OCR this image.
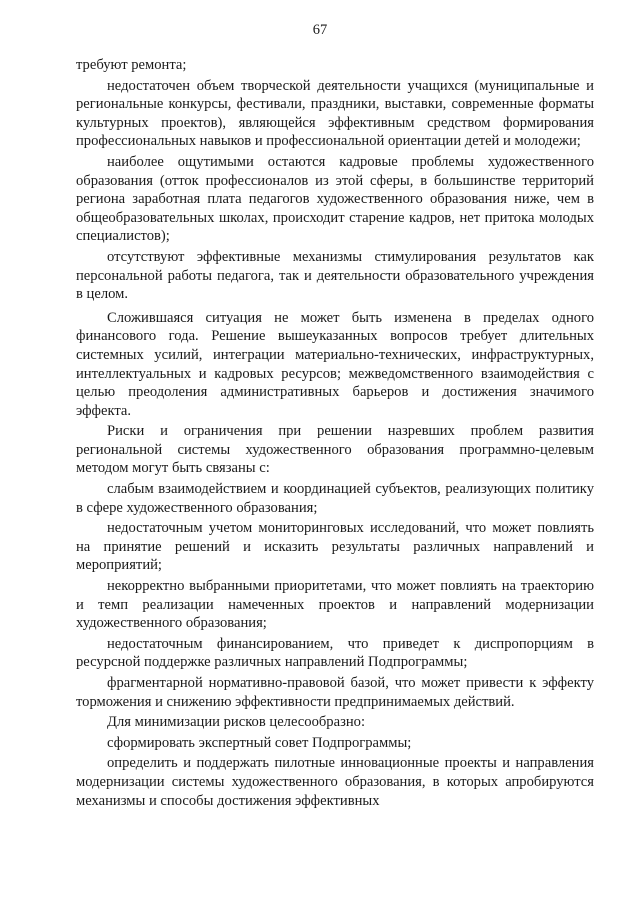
67

требуют ремонта;

недостаточен объем творческой деятельности учащихся (муниципальные и региональные конкурсы, фестивали, праздники, выставки, современные форматы культурных проектов), являющейся эффективным средством формирования профессиональных навыков и профессиональной ориентации детей и молодежи;

наиболее ощутимыми остаются кадровые проблемы художественного образования (отток профессионалов из этой сферы, в большинстве территорий региона заработная плата педагогов художественного образования ниже, чем в общеобразовательных школах, происходит старение кадров, нет притока молодых специалистов);

отсутствуют эффективные механизмы стимулирования результатов как персональной работы педагога, так и деятельности образовательного учреждения в целом.

Сложившаяся ситуация не может быть изменена в пределах одного финансового года. Решение вышеуказанных вопросов требует длительных системных усилий, интеграции материально-технических, инфраструктурных, интеллектуальных и кадровых ресурсов; межведомственного взаимодействия с целью преодоления административных барьеров и достижения значимого эффекта.

Риски и ограничения при решении назревших проблем развития региональной системы художественного образования программно-целевым методом могут быть связаны с:

слабым взаимодействием и координацией субъектов, реализующих политику в сфере художественного образования;

недостаточным учетом мониторинговых исследований, что может повлиять на принятие решений и исказить результаты различных направлений и мероприятий;

некорректно выбранными приоритетами, что может повлиять на траекторию и темп реализации намеченных проектов и направлений модернизации художественного образования;

недостаточным финансированием, что приведет к диспропорциям в ресурсной поддержке различных направлений Подпрограммы;

фрагментарной нормативно-правовой базой, что может привести к эффекту торможения и снижению эффективности предпринимаемых действий.

Для минимизации рисков целесообразно:

сформировать экспертный совет Подпрограммы;

определить и поддержать пилотные инновационные проекты и направления модернизации системы художественного образования, в которых апробируются механизмы и способы достижения эффективных
